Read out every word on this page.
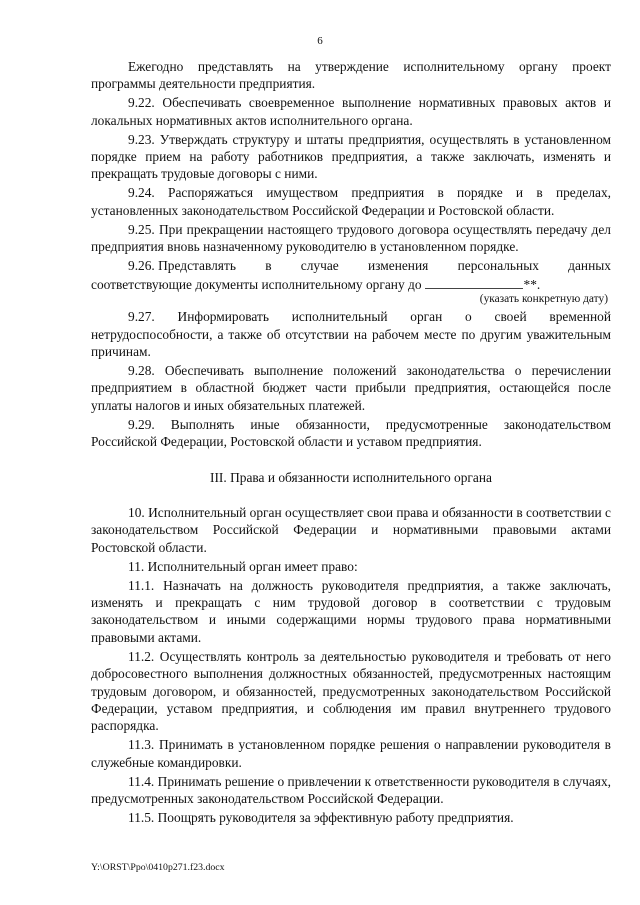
6

Ежегодно представлять на утверждение исполнительному органу проект программы деятельности предприятия.

9.22. Обеспечивать своевременное выполнение нормативных правовых актов и локальных нормативных актов исполнительного органа.

9.23. Утверждать структуру и штаты предприятия, осуществлять в установленном порядке прием на работу работников предприятия, а также заключать, изменять и прекращать трудовые договоры с ними.

9.24. Распоряжаться имуществом предприятия в порядке и в пределах, установленных законодательством Российской Федерации и Ростовской области.

9.25. При прекращении настоящего трудового договора осуществлять передачу дел предприятия вновь назначенному руководителю в установленном порядке.

9.26. Представлять в случае изменения персональных данных
соответствующие документы исполнительному органу до	**.
(указать конкретную дату)

9.27. Информировать исполнительный орган о своей временной нетрудоспособности, а также об отсутствии на рабочем месте по другим уважительным причинам.

9.28. Обеспечивать выполнение положений законодательства о перечислении предприятием в областной бюджет части прибыли предприятия, остающейся после уплаты налогов и иных обязательных платежей.

9.29. Выполнять иные обязанности, предусмотренные законодательством Российской Федерации, Ростовской области и уставом предприятия.

III. Права и обязанности исполнительного органа

10. Исполнительный орган осуществляет свои права и обязанности в соответствии с законодательством Российской Федерации и нормативными правовыми актами Ростовской области.

11. Исполнительный орган имеет право:

11.1. Назначать на должность руководителя предприятия, а также заключать, изменять и прекращать с ним трудовой договор в соответствии с трудовым законодательством и иными содержащими нормы трудового права нормативными правовыми актами.

11.2. Осуществлять контроль за деятельностью руководителя и требовать от него добросовестного выполнения должностных обязанностей, предусмотренных настоящим трудовым договором, и обязанностей, предусмотренных законодательством Российской Федерации, уставом предприятия, и соблюдения им правил внутреннего трудового распорядка.

11.3. Принимать в установленном порядке решения о направлении руководителя в служебные командировки.

11.4. Принимать решение о привлечении к ответственности руководителя в случаях, предусмотренных законодательством Российской Федерации.

11.5. Поощрять руководителя за эффективную работу предприятия.

Y:\ORST\Ppo\0410p271.f23.docx
